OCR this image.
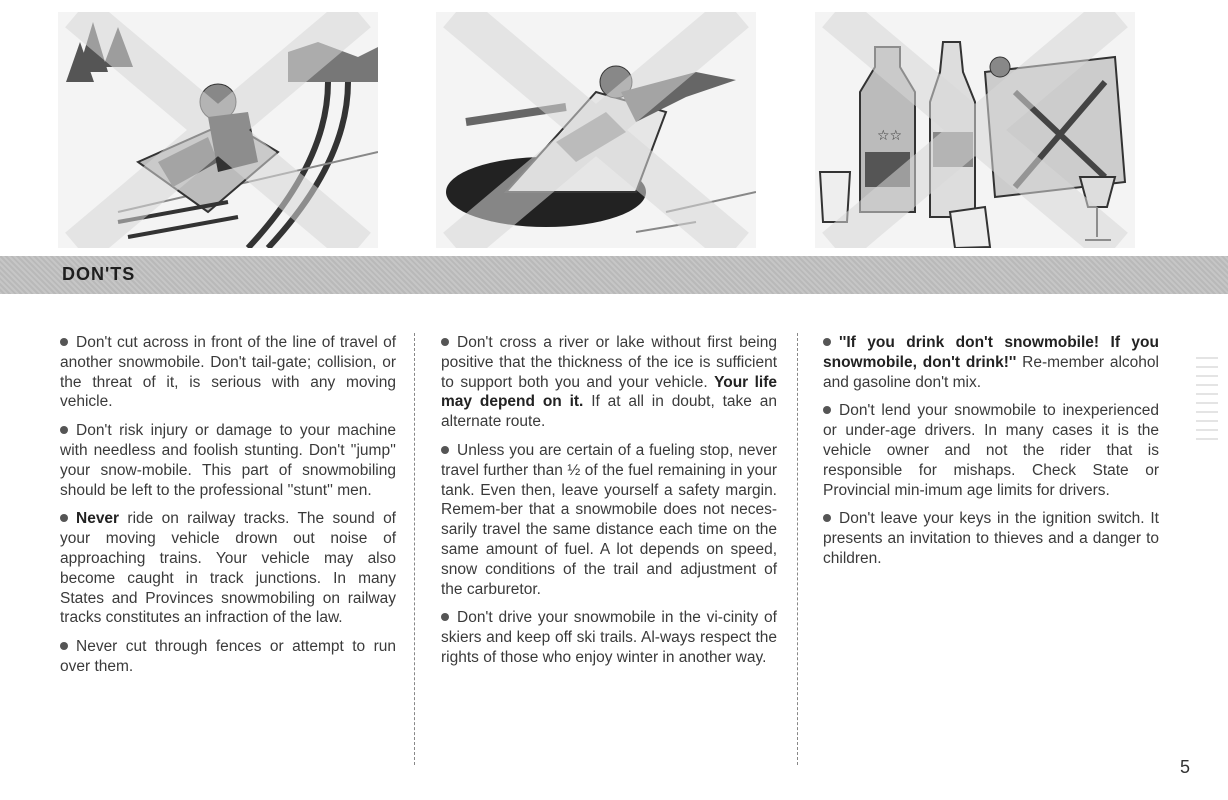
☆☆
DON'TS

Don't cut across in front of the line of travel of another snowmobile. Don't tail-gate; collision, or the threat of it, is serious with any moving vehicle.

Don't risk injury or damage to your machine with needless and foolish stunting. Don't ''jump'' your snow-mobile. This part of snowmobiling should be left to the professional ''stunt'' men.

Never ride on railway tracks. The sound of your moving vehicle drown out noise of approaching trains. Your vehicle may also become caught in track junctions. In many States and Provinces snowmobiling on railway tracks constitutes an infraction of the law.

Never cut through fences or attempt to run over them.

Don't cross a river or lake without first being positive that the thickness of the ice is sufficient to support both you and your vehicle. Your life may depend on it. If at all in doubt, take an alternate route.

Unless you are certain of a fueling stop, never travel further than ½ of the fuel remaining in your tank. Even then, leave yourself a safety margin. Remem-ber that a snowmobile does not neces-sarily travel the same distance each time on the same amount of fuel. A lot depends on speed, snow conditions of the trail and adjustment of the carburetor.

Don't drive your snowmobile in the vi-cinity of skiers and keep off ski trails. Al-ways respect the rights of those who enjoy winter in another way.

''If you drink don't snowmobile! If you snowmobile, don't drink!'' Re-member alcohol and gasoline don't mix.

Don't lend your snowmobile to inexperienced or under-age drivers. In many cases it is the vehicle owner and not the rider that is responsible for mishaps. Check State or Provincial min-imum age limits for drivers.

Don't leave your keys in the ignition switch. It presents an invitation to thieves and a danger to children.

5
